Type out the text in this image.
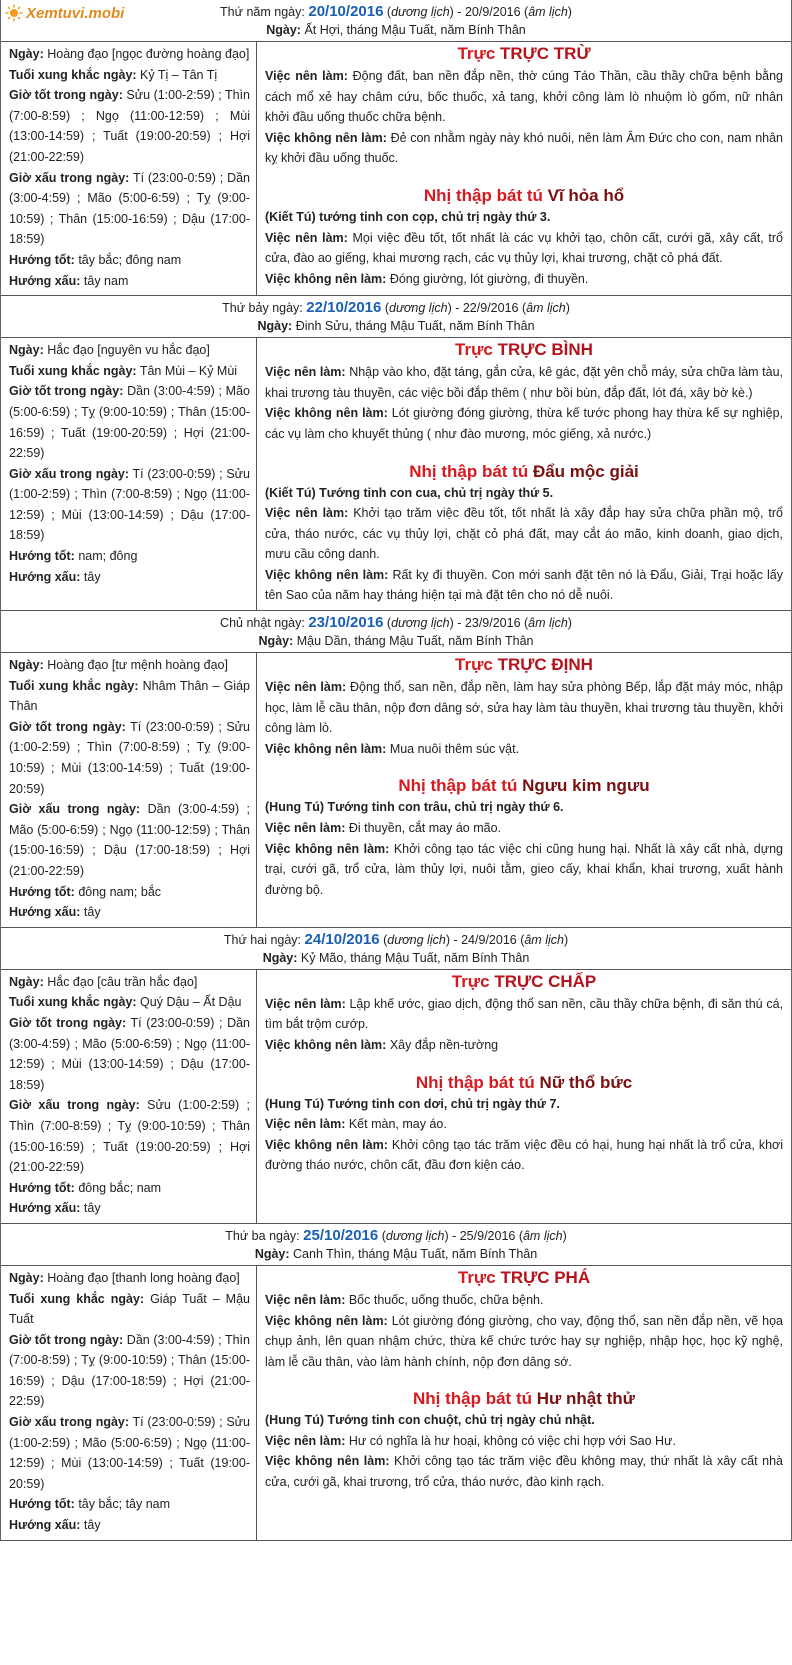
Thứ năm ngày: 20/10/2016 (dương lịch) - 20/9/2016 (âm lịch)
Ngày: Ất Hợi, tháng Mậu Tuất, năm Bính Thân
Xemtuvi.mobi

Ngày: Hoàng đạo [ngọc đường hoàng đạo]

Tuổi xung khắc ngày: Kỷ Tị – Tân Tị

Giờ tốt trong ngày: Sửu (1:00-2:59) ; Thìn (7:00-8:59) ; Ngọ (11:00-12:59) ; Mùi (13:00-14:59) ; Tuất (19:00-20:59) ; Hợi (21:00-22:59)

Giờ xấu trong ngày: Tí (23:00-0:59) ; Dần (3:00-4:59) ; Mão (5:00-6:59) ; Tỵ (9:00-10:59) ; Thân (15:00-16:59) ; Dậu (17:00-18:59)

Hướng tốt: tây bắc; đông nam

Hướng xấu: tây nam

Trực TRỰC TRỪ

Việc nên làm: Động đất, ban nền đắp nền, thờ cúng Táo Thần, cầu thầy chữa bệnh bằng cách mổ xẻ hay châm cứu, bốc thuốc, xả tang, khởi công làm lò nhuộm lò gốm, nữ nhân khởi đầu uống thuốc chữa bệnh.

Việc không nên làm: Đẻ con nhằm ngày này khó nuôi, nên làm Âm Đức cho con, nam nhân kỵ khởi đầu uống thuốc.

Nhị thập bát tú Vĩ hỏa hổ

(Kiết Tú) tướng tinh con cọp, chủ trị ngày thứ 3.

Việc nên làm: Mọi việc đều tốt, tốt nhất là các vụ khởi tạo, chôn cất, cưới gã, xây cất, trổ cửa, đào ao giếng, khai mương rạch, các vụ thủy lợi, khai trương, chặt cỏ phá đất.

Việc không nên làm: Đóng giường, lót giường, đi thuyền.

Thứ bảy ngày: 22/10/2016 (dương lịch) - 22/9/2016 (âm lịch)
Ngày: Đinh Sửu, tháng Mậu Tuất, năm Bính Thân

Ngày: Hắc đạo [nguyên vu hắc đạo]

Tuổi xung khắc ngày: Tân Mùi – Kỷ Mùi

Giờ tốt trong ngày: Dần (3:00-4:59) ; Mão (5:00-6:59) ; Tỵ (9:00-10:59) ; Thân (15:00-16:59) ; Tuất (19:00-20:59) ; Hợi (21:00-22:59)

Giờ xấu trong ngày: Tí (23:00-0:59) ; Sửu (1:00-2:59) ; Thìn (7:00-8:59) ; Ngọ (11:00-12:59) ; Mùi (13:00-14:59) ; Dậu (17:00-18:59)

Hướng tốt: nam; đông

Hướng xấu: tây

Trực TRỰC BÌNH

Việc nên làm: Nhập vào kho, đặt táng, gắn cửa, kê gác, đặt yên chỗ máy, sửa chữa làm tàu, khai trương tàu thuyền, các việc bồi đắp thêm ( như bồi bùn, đắp đất, lót đá, xây bờ kè.)

Việc không nên làm: Lót giường đóng giường, thừa kế tước phong hay thừa kế sự nghiệp, các vụ làm cho khuyết thủng ( như đào mương, móc giếng, xả nước.)

Nhị thập bát tú Đẩu mộc giải

(Kiết Tú) Tướng tinh con cua, chủ trị ngày thứ 5.

Việc nên làm: Khởi tạo trăm việc đều tốt, tốt nhất là xây đắp hay sửa chữa phần mộ, trổ cửa, tháo nước, các vụ thủy lợi, chặt cỏ phá đất, may cắt áo mão, kinh doanh, giao dịch, mưu cầu công danh.

Việc không nên làm: Rất kỵ đi thuyền. Con mới sanh đặt tên nó là Đẩu, Giải, Trại hoặc lấy tên Sao của năm hay tháng hiện tại mà đặt tên cho nó dễ nuôi.

Chủ nhật ngày: 23/10/2016 (dương lịch) - 23/9/2016 (âm lịch)
Ngày: Mậu Dần, tháng Mậu Tuất, năm Bính Thân

Ngày: Hoàng đạo [tư mệnh hoàng đạo]

Tuổi xung khắc ngày: Nhâm Thân – Giáp Thân

Giờ tốt trong ngày: Tí (23:00-0:59) ; Sửu (1:00-2:59) ; Thìn (7:00-8:59) ; Tỵ (9:00-10:59) ; Mùi (13:00-14:59) ; Tuất (19:00-20:59)

Giờ xấu trong ngày: Dần (3:00-4:59) ; Mão (5:00-6:59) ; Ngọ (11:00-12:59) ; Thân (15:00-16:59) ; Dậu (17:00-18:59) ; Hợi (21:00-22:59)

Hướng tốt: đông nam; bắc

Hướng xấu: tây

Trực TRỰC ĐỊNH

Việc nên làm: Động thổ, san nền, đắp nền, làm hay sửa phòng Bếp, lắp đặt máy móc, nhập học, làm lễ cầu thân, nộp đơn dâng sớ, sửa hay làm tàu thuyền, khai trương tàu thuyền, khởi công làm lò.

Việc không nên làm: Mua nuôi thêm súc vật.

Nhị thập bát tú Ngưu kim ngưu

(Hung Tú) Tướng tinh con trâu, chủ trị ngày thứ 6.

Việc nên làm: Đi thuyền, cắt may áo mão.

Việc không nên làm: Khởi công tạo tác việc chi cũng hung hại. Nhất là xây cất nhà, dựng trại, cưới gã, trổ cửa, làm thủy lợi, nuôi tằm, gieo cấy, khai khẩn, khai trương, xuất hành đường bộ.

Thứ hai ngày: 24/10/2016 (dương lịch) - 24/9/2016 (âm lịch)
Ngày: Kỷ Mão, tháng Mậu Tuất, năm Bính Thân

Ngày: Hắc đạo [câu trần hắc đạo]

Tuổi xung khắc ngày: Quý Dậu – Ất Dậu

Giờ tốt trong ngày: Tí (23:00-0:59) ; Dần (3:00-4:59) ; Mão (5:00-6:59) ; Ngọ (11:00-12:59) ; Mùi (13:00-14:59) ; Dậu (17:00-18:59)

Giờ xấu trong ngày: Sửu (1:00-2:59) ; Thìn (7:00-8:59) ; Tỵ (9:00-10:59) ; Thân (15:00-16:59) ; Tuất (19:00-20:59) ; Hợi (21:00-22:59)

Hướng tốt: đông bắc; nam

Hướng xấu: tây

Trực TRỰC CHẤP

Việc nên làm: Lập khế ước, giao dịch, động thổ san nền, cầu thầy chữa bệnh, đi săn thú cá, tìm bắt trộm cướp.

Việc không nên làm: Xây đắp nền-tường

Nhị thập bát tú Nữ thổ bức

(Hung Tú) Tướng tinh con dơi, chủ trị ngày thứ 7.

Việc nên làm: Kết màn, may áo.

Việc không nên làm: Khởi công tạo tác trăm việc đều có hại, hung hại nhất là trổ cửa, khơi đường tháo nước, chôn cất, đầu đơn kiện cáo.

Thứ ba ngày: 25/10/2016 (dương lịch) - 25/9/2016 (âm lịch)
Ngày: Canh Thìn, tháng Mậu Tuất, năm Bính Thân

Ngày: Hoàng đạo [thanh long hoàng đạo]

Tuổi xung khắc ngày: Giáp Tuất – Mậu Tuất

Giờ tốt trong ngày: Dần (3:00-4:59) ; Thìn (7:00-8:59) ; Tỵ (9:00-10:59) ; Thân (15:00-16:59) ; Dậu (17:00-18:59) ; Hợi (21:00-22:59)

Giờ xấu trong ngày: Tí (23:00-0:59) ; Sửu (1:00-2:59) ; Mão (5:00-6:59) ; Ngọ (11:00-12:59) ; Mùi (13:00-14:59) ; Tuất (19:00-20:59)

Hướng tốt: tây bắc; tây nam

Hướng xấu: tây

Trực TRỰC PHÁ

Việc nên làm: Bốc thuốc, uống thuốc, chữa bệnh.

Việc không nên làm: Lót giường đóng giường, cho vay, động thổ, san nền đắp nền, vẽ họa chụp ảnh, lên quan nhậm chức, thừa kế chức tước hay sự nghiệp, nhập học, học kỹ nghệ, làm lễ cầu thân, vào làm hành chính, nộp đơn dâng sớ.

Nhị thập bát tú Hư nhật thử

(Hung Tú) Tướng tinh con chuột, chủ trị ngày chủ nhật.

Việc nên làm: Hư có nghĩa là hư hoại, không có việc chi hợp với Sao Hư.

Việc không nên làm: Khởi công tạo tác trăm việc đều không may, thứ nhất là xây cất nhà cửa, cưới gã, khai trương, trổ cửa, tháo nước, đào kinh rạch.
